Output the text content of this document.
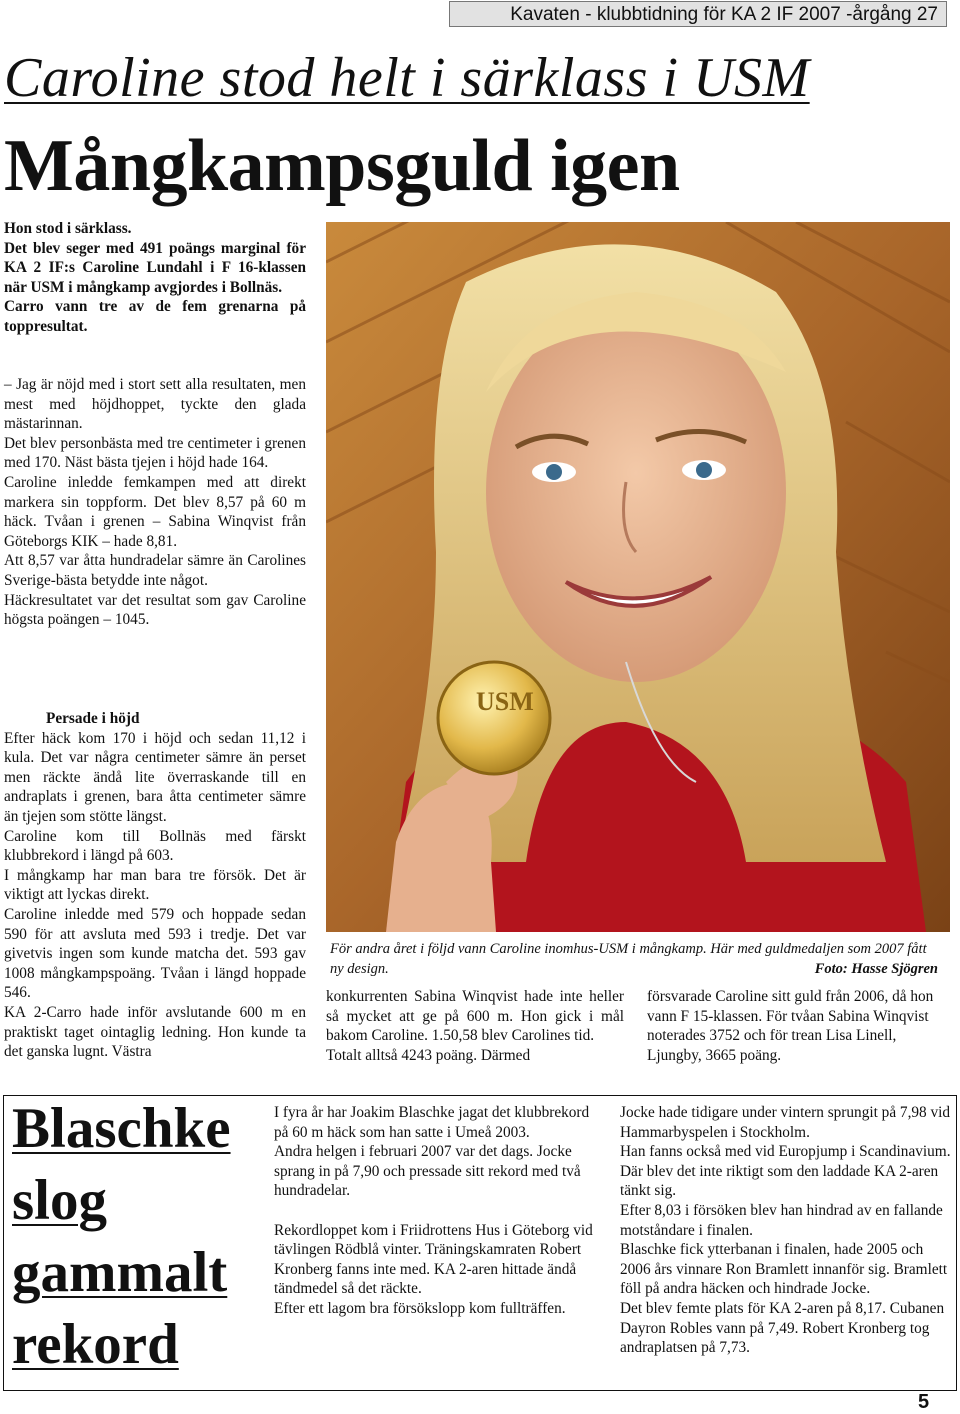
Kavaten - klubbtidning för KA 2 IF 2007 -årgång 27
Caroline stod helt i särklass i USM
Mångkampsguld igen

Hon stod i särklass.

Det blev seger med 491 poängs marginal för KA 2 IF:s Caroline Lundahl i F 16-klassen när USM i mångkamp avgjordes i Bollnäs.

Carro vann tre av de fem grenarna på toppresultat.

– Jag är nöjd med i stort sett alla resultaten, men mest med höjdhoppet, tyckte den glada mästarinnan.

Det blev personbästa med tre centimeter i grenen med 170. Näst bästa tjejen i höjd hade 164.

Caroline inledde femkampen med att direkt markera sin toppform. Det blev 8,57 på 60 m häck. Tvåan i grenen – Sabina Winqvist från Göteborgs KIK – hade 8,81.

Att 8,57 var åtta hundradelar sämre än Carolines Sverige-bästa betydde inte något.

Häckresultatet var det resultat som gav Caroline högsta poängen – 1045.

Persade i höjd

Efter häck kom 170 i höjd och sedan 11,12 i kula. Det var några centimeter sämre än perset men räckte ändå lite överraskande till en andraplats i grenen, bara åtta centimeter sämre än tjejen som stötte längst.

Caroline kom till Bollnäs med färskt klubbrekord i längd på 603.

I mångkamp har man bara tre försök. Det är viktigt att lyckas direkt.

Caroline inledde med 579 och hoppade sedan 590 för att avsluta med 593 i tredje. Det var givetvis ingen som kunde matcha det. 593 gav 1008 mångkampspoäng. Tvåan i längd hoppade 546.

KA 2-Carro hade inför avslutande 600 m en praktiskt taget ointaglig ledning. Hon kunde ta det ganska lugnt. Västra

USM
För andra året i följd vann Caroline inomhus-USM i mångkamp. Här med guldmedaljen som 2007 fått ny design.	Foto: Hasse Sjögren

konkurrenten Sabina Winqvist hade inte heller så mycket att ge på 600 m. Hon gick i mål bakom Caroline. 1.50,58 blev Carolines tid.

Totalt alltså 4243 poäng. Därmed

försvarade Caroline sitt guld från 2006, då hon vann F 15-klassen. För tvåan Sabina Winqvist noterades 3752 och för trean Lisa Linell, Ljungby, 3665 poäng.

Blaschke
slog
gammalt
rekord

I fyra år har Joakim Blaschke jagat det klubbrekord på 60 m häck som han satte i Umeå 2003.

Andra helgen i februari 2007 var det dags. Jocke sprang in på 7,90 och pressade sitt rekord med två hundradelar.

Rekordloppet kom i Friidrottens Hus i Göteborg vid tävlingen Rödblå vinter. Träningskamraten Robert Kronberg fanns inte med. KA 2-aren hittade ändå tändmedel så det räckte.

Efter ett lagom bra försökslopp kom fullträffen.

Jocke hade tidigare under vintern sprungit på 7,98 vid Hammarbyspelen i Stockholm.

Han fanns också med vid Europjump i Scandinavium. Där blev det inte riktigt som den laddade KA 2-aren tänkt sig.

Efter 8,03 i försöken blev han hindrad av en fallande motståndare i finalen.

Blaschke fick ytterbanan i finalen, hade 2005 och 2006 års vinnare Ron Bramlett innanför sig. Bramlett föll på andra häcken och hindrade Jocke.

Det blev femte plats för KA 2-aren på 8,17. Cubanen Dayron Robles vann på 7,49. Robert Kronberg tog andraplatsen på 7,73.

5
